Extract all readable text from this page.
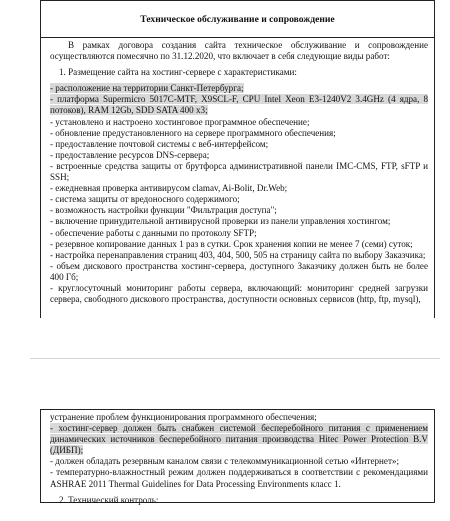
Техническое обслуживание и сопровождение

В рамках договора создания сайта техническое обслуживание и сопровождение осуществляются помесячно по 31.12.2020, что включает в себя следующие виды работ:

1. Размещение сайта на хостинг-сервере с характеристиками:

- расположение на территории Санкт-Петербурга;

- платформа Supermicro 5017C-MTF, X9SCL-F, CPU Intel Xeon E3-1240V2 3.4GHz (4 ядра, 8 потоков), RAM 12Gb, SDD SATA 400 x3;

- установлено и настроено хостинговое программное обеспечение;

- обновление предустановленного на сервере программного обеспечения;

- предоставление почтовой системы с веб-интерфейсом;

- предоставление ресурсов DNS-сервера;

- встроенные средства защиты от брутфорса административной панели IMC-CMS, FTP, sFTP и SSH;

- ежедневная проверка антивирусом clamav, Ai-Bolit, Dr.Web;

- система защиты от вредоносного содержимого;

- возможность настройки функции "Фильтрация доступа";

- включение принудительной антивирусной проверки из панели управления хостингом;

- обеспечение работы с данными по протоколу SFTP;

- резервное копирование данных 1 раз в сутки. Срок хранения копии не менее 7 (семи) суток;

- настройка перенаправления страниц 403, 404, 500, 505 на страницу сайта по выбору Заказчика;

- объем дискового пространства хостинг-сервера, доступного Заказчику должен быть не более 400 Гб;

- круглосуточный мониторинг работы сервера, включающий: мониторинг средней загрузки сервера, свободного дискового пространства, доступности основных сервисов (http, ftp, mysql),

устранение проблем функционирования программного обеспечения;

- хостинг-сервер должен быть снабжен системой бесперебойного питания с применением динамических источников бесперебойного питания производства Hitec Power Protection B.V (ДИБП);

- должен обладать резервным каналом связи с телекоммуникационной сетью «Интернет»;

- температурно-влажностный режим должен поддерживаться в соответствии с рекомендациями ASHRAE 2011 Thermal Guidelines for Data Processing Environments класс 1.

2. Технический контроль:
